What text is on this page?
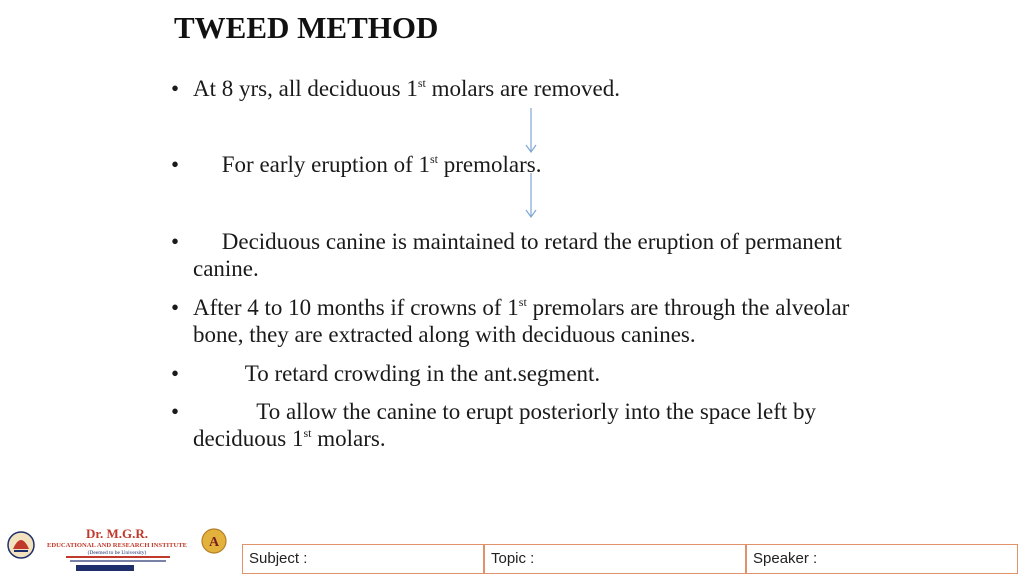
TWEED METHOD
• At 8 yrs, all deciduous 1st molars are removed.
• For early eruption of 1st premolars.
• Deciduous canine is maintained to retard the eruption of permanent canine.
• After 4 to 10 months if crowns of 1st premolars are through the alveolar bone, they are extracted along with deciduous canines.
• To retard crowding in the ant.segment.
• To allow the canine to erupt posteriorly into the space left by deciduous 1st molars.
Dr. M.G.R.
EDUCATIONAL AND RESEARCH INSTITUTE
(Deemed to be University)
A
Subject :	Topic :	Speaker :
